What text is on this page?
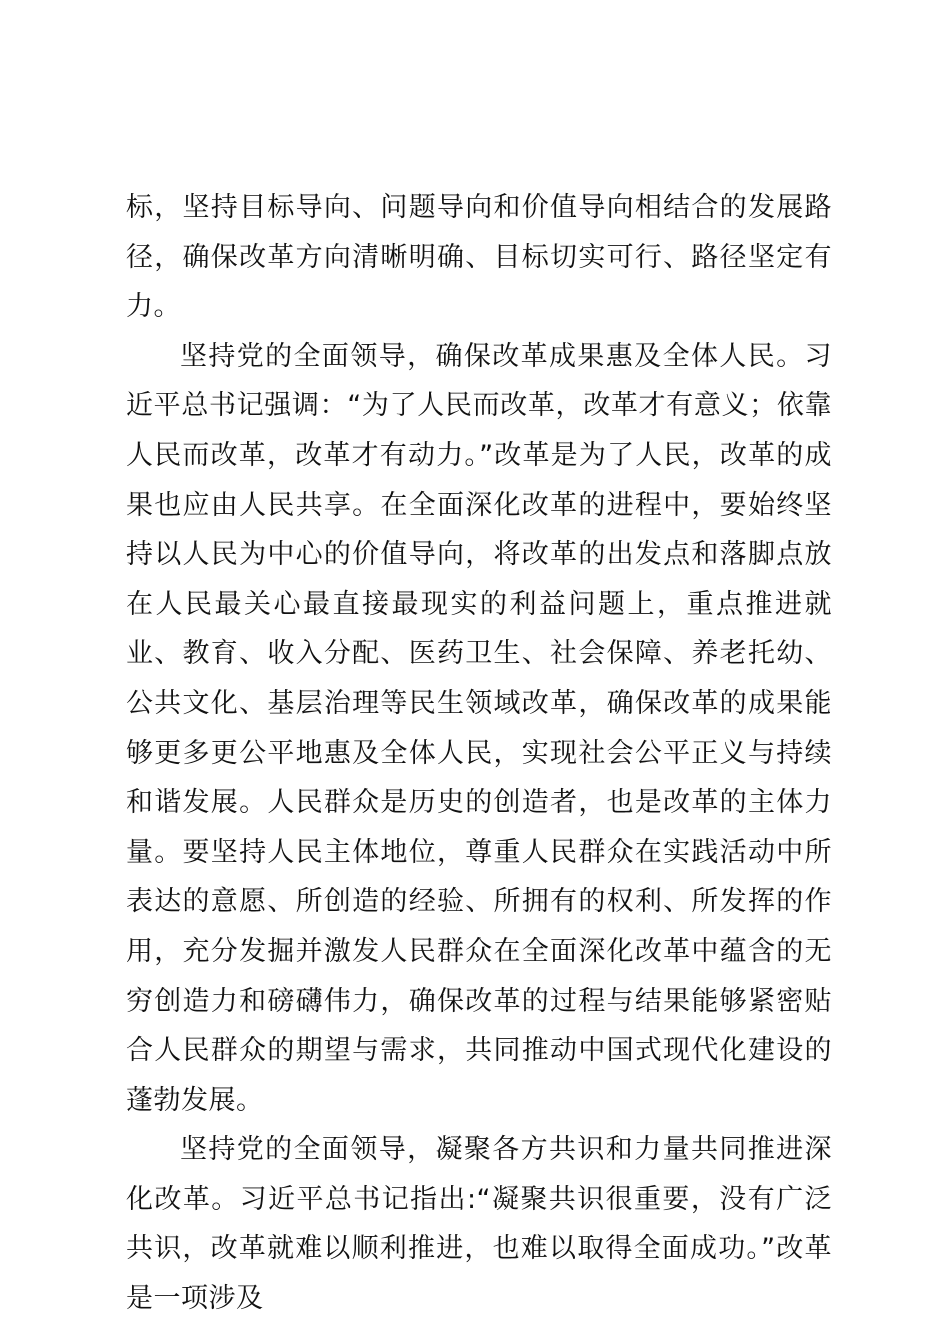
标，坚持目标导向、问题导向和价值导向相结合的发展路径，确保改革方向清晰明确、目标切实可行、路径坚定有力。

坚持党的全面领导，确保改革成果惠及全体人民。习近平总书记强调：“为了人民而改革，改革才有意义；依靠人民而改革，改革才有动力。”改革是为了人民，改革的成果也应由人民共享。在全面深化改革的进程中，要始终坚持以人民为中心的价值导向，将改革的出发点和落脚点放在人民最关心最直接最现实的利益问题上，重点推进就业、教育、收入分配、医药卫生、社会保障、养老托幼、公共文化、基层治理等民生领域改革，确保改革的成果能够更多更公平地惠及全体人民，实现社会公平正义与持续和谐发展。人民群众是历史的创造者，也是改革的主体力量。要坚持人民主体地位，尊重人民群众在实践活动中所表达的意愿、所创造的经验、所拥有的权利、所发挥的作用，充分发掘并激发人民群众在全面深化改革中蕴含的无穷创造力和磅礴伟力，确保改革的过程与结果能够紧密贴合人民群众的期望与需求，共同推动中国式现代化建设的蓬勃发展。

坚持党的全面领导，凝聚各方共识和力量共同推进深化改革。习近平总书记指出:“凝聚共识很重要，没有广泛共识，改革就难以顺利推进，也难以取得全面成功。”改革是一项涉及
